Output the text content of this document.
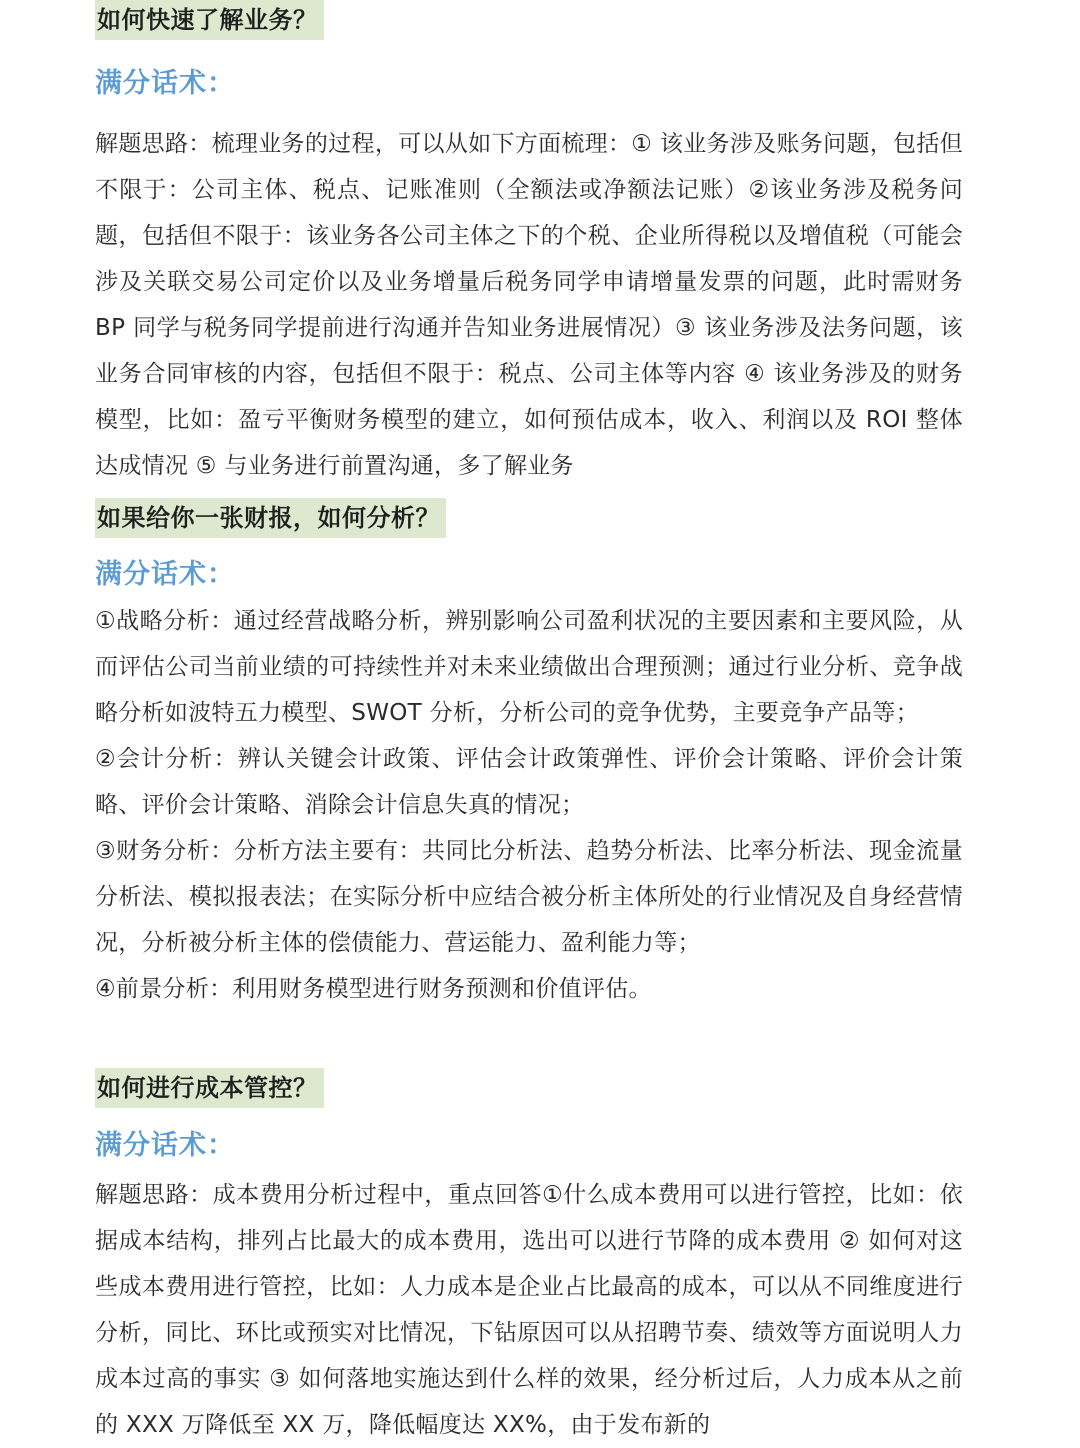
如何快速了解业务？
满分话术：

解题思路：梳理业务的过程，可以从如下方面梳理：① 该业务涉及账务问题，包括但不限于：公司主体、税点、记账准则（全额法或净额法记账）②该业务涉及税务问题，包括但不限于：该业务各公司主体之下的个税、企业所得税以及增值税（可能会涉及关联交易公司定价以及业务增量后税务同学申请增量发票的问题，此时需财务 BP 同学与税务同学提前进行沟通并告知业务进展情况）③ 该业务涉及法务问题，该业务合同审核的内容，包括但不限于：税点、公司主体等内容 ④ 该业务涉及的财务模型，比如：盈亏平衡财务模型的建立，如何预估成本，收入、利润以及 ROI 整体达成情况 ⑤ 与业务进行前置沟通，多了解业务

如果给你一张财报，如何分析？
满分话术：

①战略分析：通过经营战略分析，辨别影响公司盈利状况的主要因素和主要风险，从而评估公司当前业绩的可持续性并对未来业绩做出合理预测；通过行业分析、竞争战略分析如波特五力模型、SWOT 分析，分析公司的竞争优势，主要竞争产品等；

②会计分析：辨认关键会计政策、评估会计政策弹性、评价会计策略、评价会计策略、评价会计策略、消除会计信息失真的情况；

③财务分析：分析方法主要有：共同比分析法、趋势分析法、比率分析法、现金流量分析法、模拟报表法；在实际分析中应结合被分析主体所处的行业情况及自身经营情况，分析被分析主体的偿债能力、营运能力、盈利能力等；

④前景分析：利用财务模型进行财务预测和价值评估。

如何进行成本管控？
满分话术：

解题思路：成本费用分析过程中，重点回答①什么成本费用可以进行管控，比如：依据成本结构，排列占比最大的成本费用，选出可以进行节降的成本费用 ② 如何对这些成本费用进行管控，比如：人力成本是企业占比最高的成本，可以从不同维度进行分析，同比、环比或预实对比情况，下钻原因可以从招聘节奏、绩效等方面说明人力成本过高的事实 ③ 如何落地实施达到什么样的效果，经分析过后，人力成本从之前的 XXX 万降低至 XX 万，降低幅度达 XX%，由于发布新的
